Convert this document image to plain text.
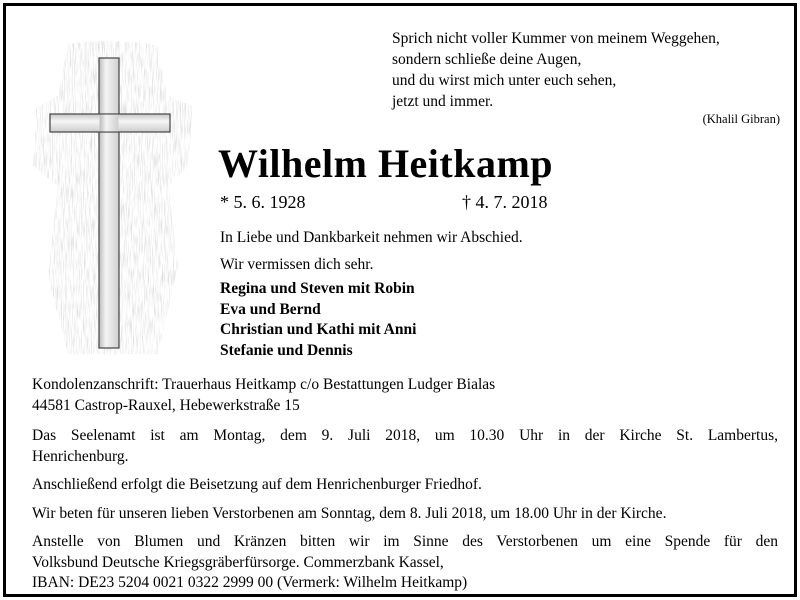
Sprich nicht voller Kummer von meinem Weggehen,
sondern schließe deine Augen,
und du wirst mich unter euch sehen,
jetzt und immer.
(Khalil Gibran)
Wilhelm Heitkamp
* 5. 6. 1928	† 4. 7. 2018
In Liebe und Dankbarkeit nehmen wir Abschied.
Wir vermissen dich sehr.
Regina und Steven mit Robin
Eva und Bernd
Christian und Kathi mit Anni
Stefanie und Dennis
Kondolenzanschrift: Trauerhaus Heitkamp c/o Bestattungen Ludger Bialas
44581 Castrop-Rauxel, Hebewerkstraße 15

Das Seelenamt ist am Montag, dem 9. Juli 2018, um 10.30 Uhr in der Kirche St. Lambertus,
Henrichenburg.

Anschließend erfolgt die Beisetzung auf dem Henrichenburger Friedhof.

Wir beten für unseren lieben Verstorbenen am Sonntag, dem 8. Juli 2018, um 18.00 Uhr in der Kirche.

Anstelle von Blumen und Kränzen bitten wir im Sinne des Verstorbenen um eine Spende für den
Volksbund Deutsche Kriegsgräberfürsorge. Commerzbank Kassel,
IBAN: DE23 5204 0021 0322 2999 00 (Vermerk: Wilhelm Heitkamp)
